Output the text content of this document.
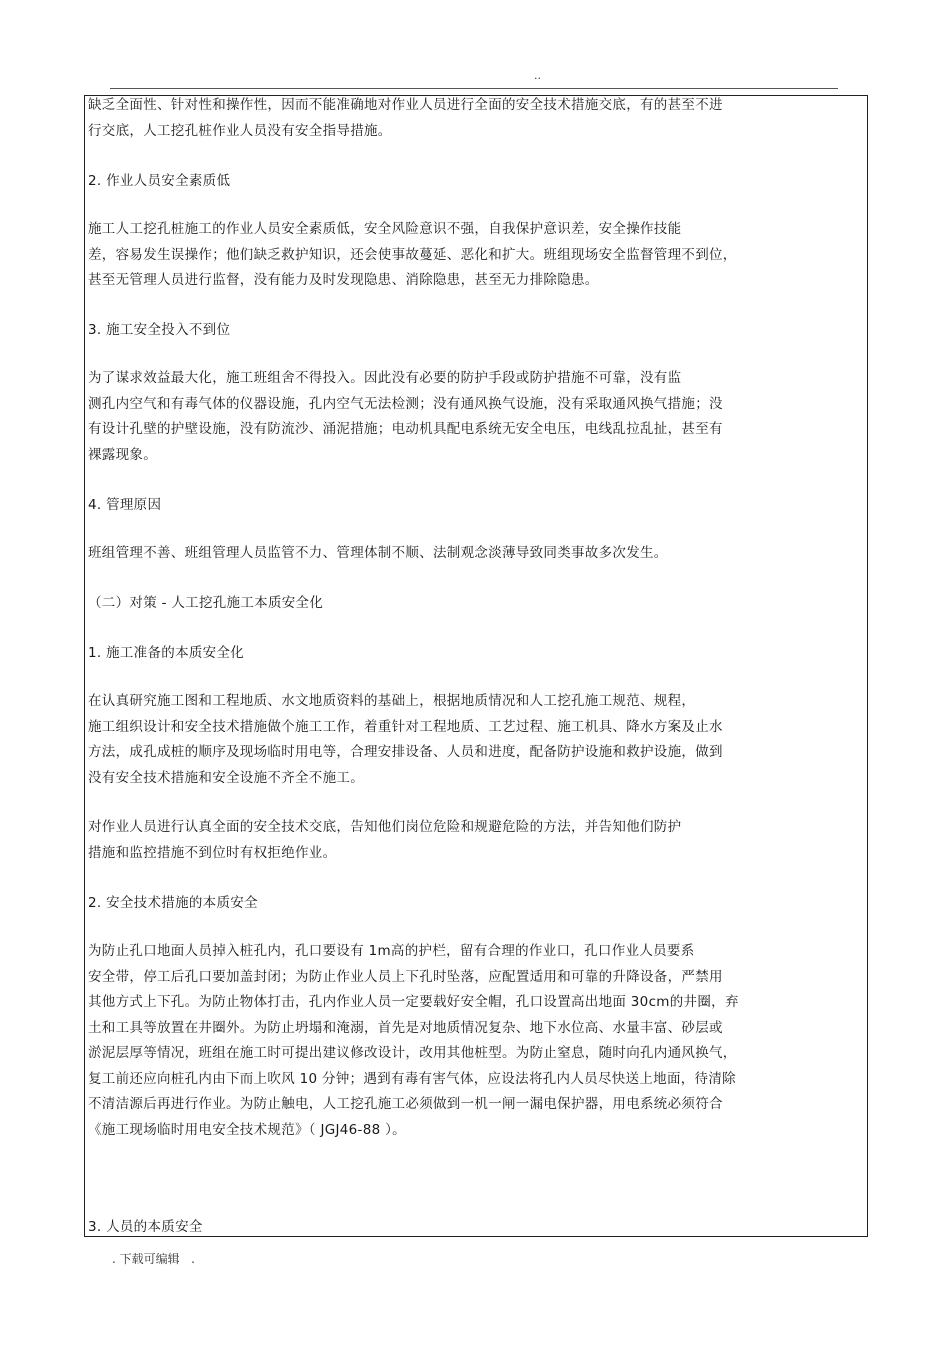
..
缺乏全面性、针对性和操作性，因而不能准确地对作业人员进行全面的安全技术措施交底，有的甚至不进
行交底，人工挖孔桩作业人员没有安全指导措施。
2. 作业人员安全素质低
施工人工挖孔桩施工的作业人员安全素质低，安全风险意识不强，自我保护意识差，安全操作技能
差，容易发生误操作；他们缺乏救护知识，还会使事故蔓延、恶化和扩大。班组现场安全监督管理不到位，
甚至无管理人员进行监督，没有能力及时发现隐患、消除隐患，甚至无力排除隐患。
3. 施工安全投入不到位
为了谋求效益最大化，施工班组舍不得投入。因此没有必要的防护手段或防护措施不可靠，没有监
测孔内空气和有毒气体的仪器设施，孔内空气无法检测；没有通风换气设施，没有采取通风换气措施；没
有设计孔壁的护壁设施，没有防流沙、涌泥措施；电动机具配电系统无安全电压，电线乱拉乱扯，甚至有
裸露现象。
4. 管理原因
班组管理不善、班组管理人员监管不力、管理体制不顺、法制观念淡薄导致同类事故多次发生。
（二）对策 - 人工挖孔施工本质安全化
1. 施工准备的本质安全化
在认真研究施工图和工程地质、水文地质资料的基础上，根据地质情况和人工挖孔施工规范、规程，
施工组织设计和安全技术措施做个施工工作，着重针对工程地质、工艺过程、施工机具、降水方案及止水
方法，成孔成桩的顺序及现场临时用电等，合理安排设备、人员和进度，配备防护设施和救护设施，做到
没有安全技术措施和安全设施不齐全不施工。
对作业人员进行认真全面的安全技术交底，告知他们岗位危险和规避危险的方法，并告知他们防护
措施和监控措施不到位时有权拒绝作业。
2. 安全技术措施的本质安全
为防止孔口地面人员掉入桩孔内，孔口要设有 1m高的护栏，留有合理的作业口，孔口作业人员要系
安全带，停工后孔口要加盖封闭；为防止作业人员上下孔时坠落，应配置适用和可靠的升降设备，严禁用
其他方式上下孔。为防止物体打击，孔内作业人员一定要载好安全帽，孔口设置高出地面 30cm的井圈，弃
土和工具等放置在井圈外。为防止坍塌和淹溺，首先是对地质情况复杂、地下水位高、水量丰富、砂层或
淤泥层厚等情况，班组在施工时可提出建议修改设计，改用其他桩型。为防止窒息，随时向孔内通风换气，
复工前还应向桩孔内由下而上吹风 10 分钟；遇到有毒有害气体，应设法将孔内人员尽快送上地面，待清除
不清洁源后再进行作业。为防止触电，人工挖孔施工必须做到一机一闸一漏电保护器，用电系统必须符合
《施工现场临时用电安全技术规范》（ JGJ46-88 ）。
3. 人员的本质安全
. 下载可编辑   .
